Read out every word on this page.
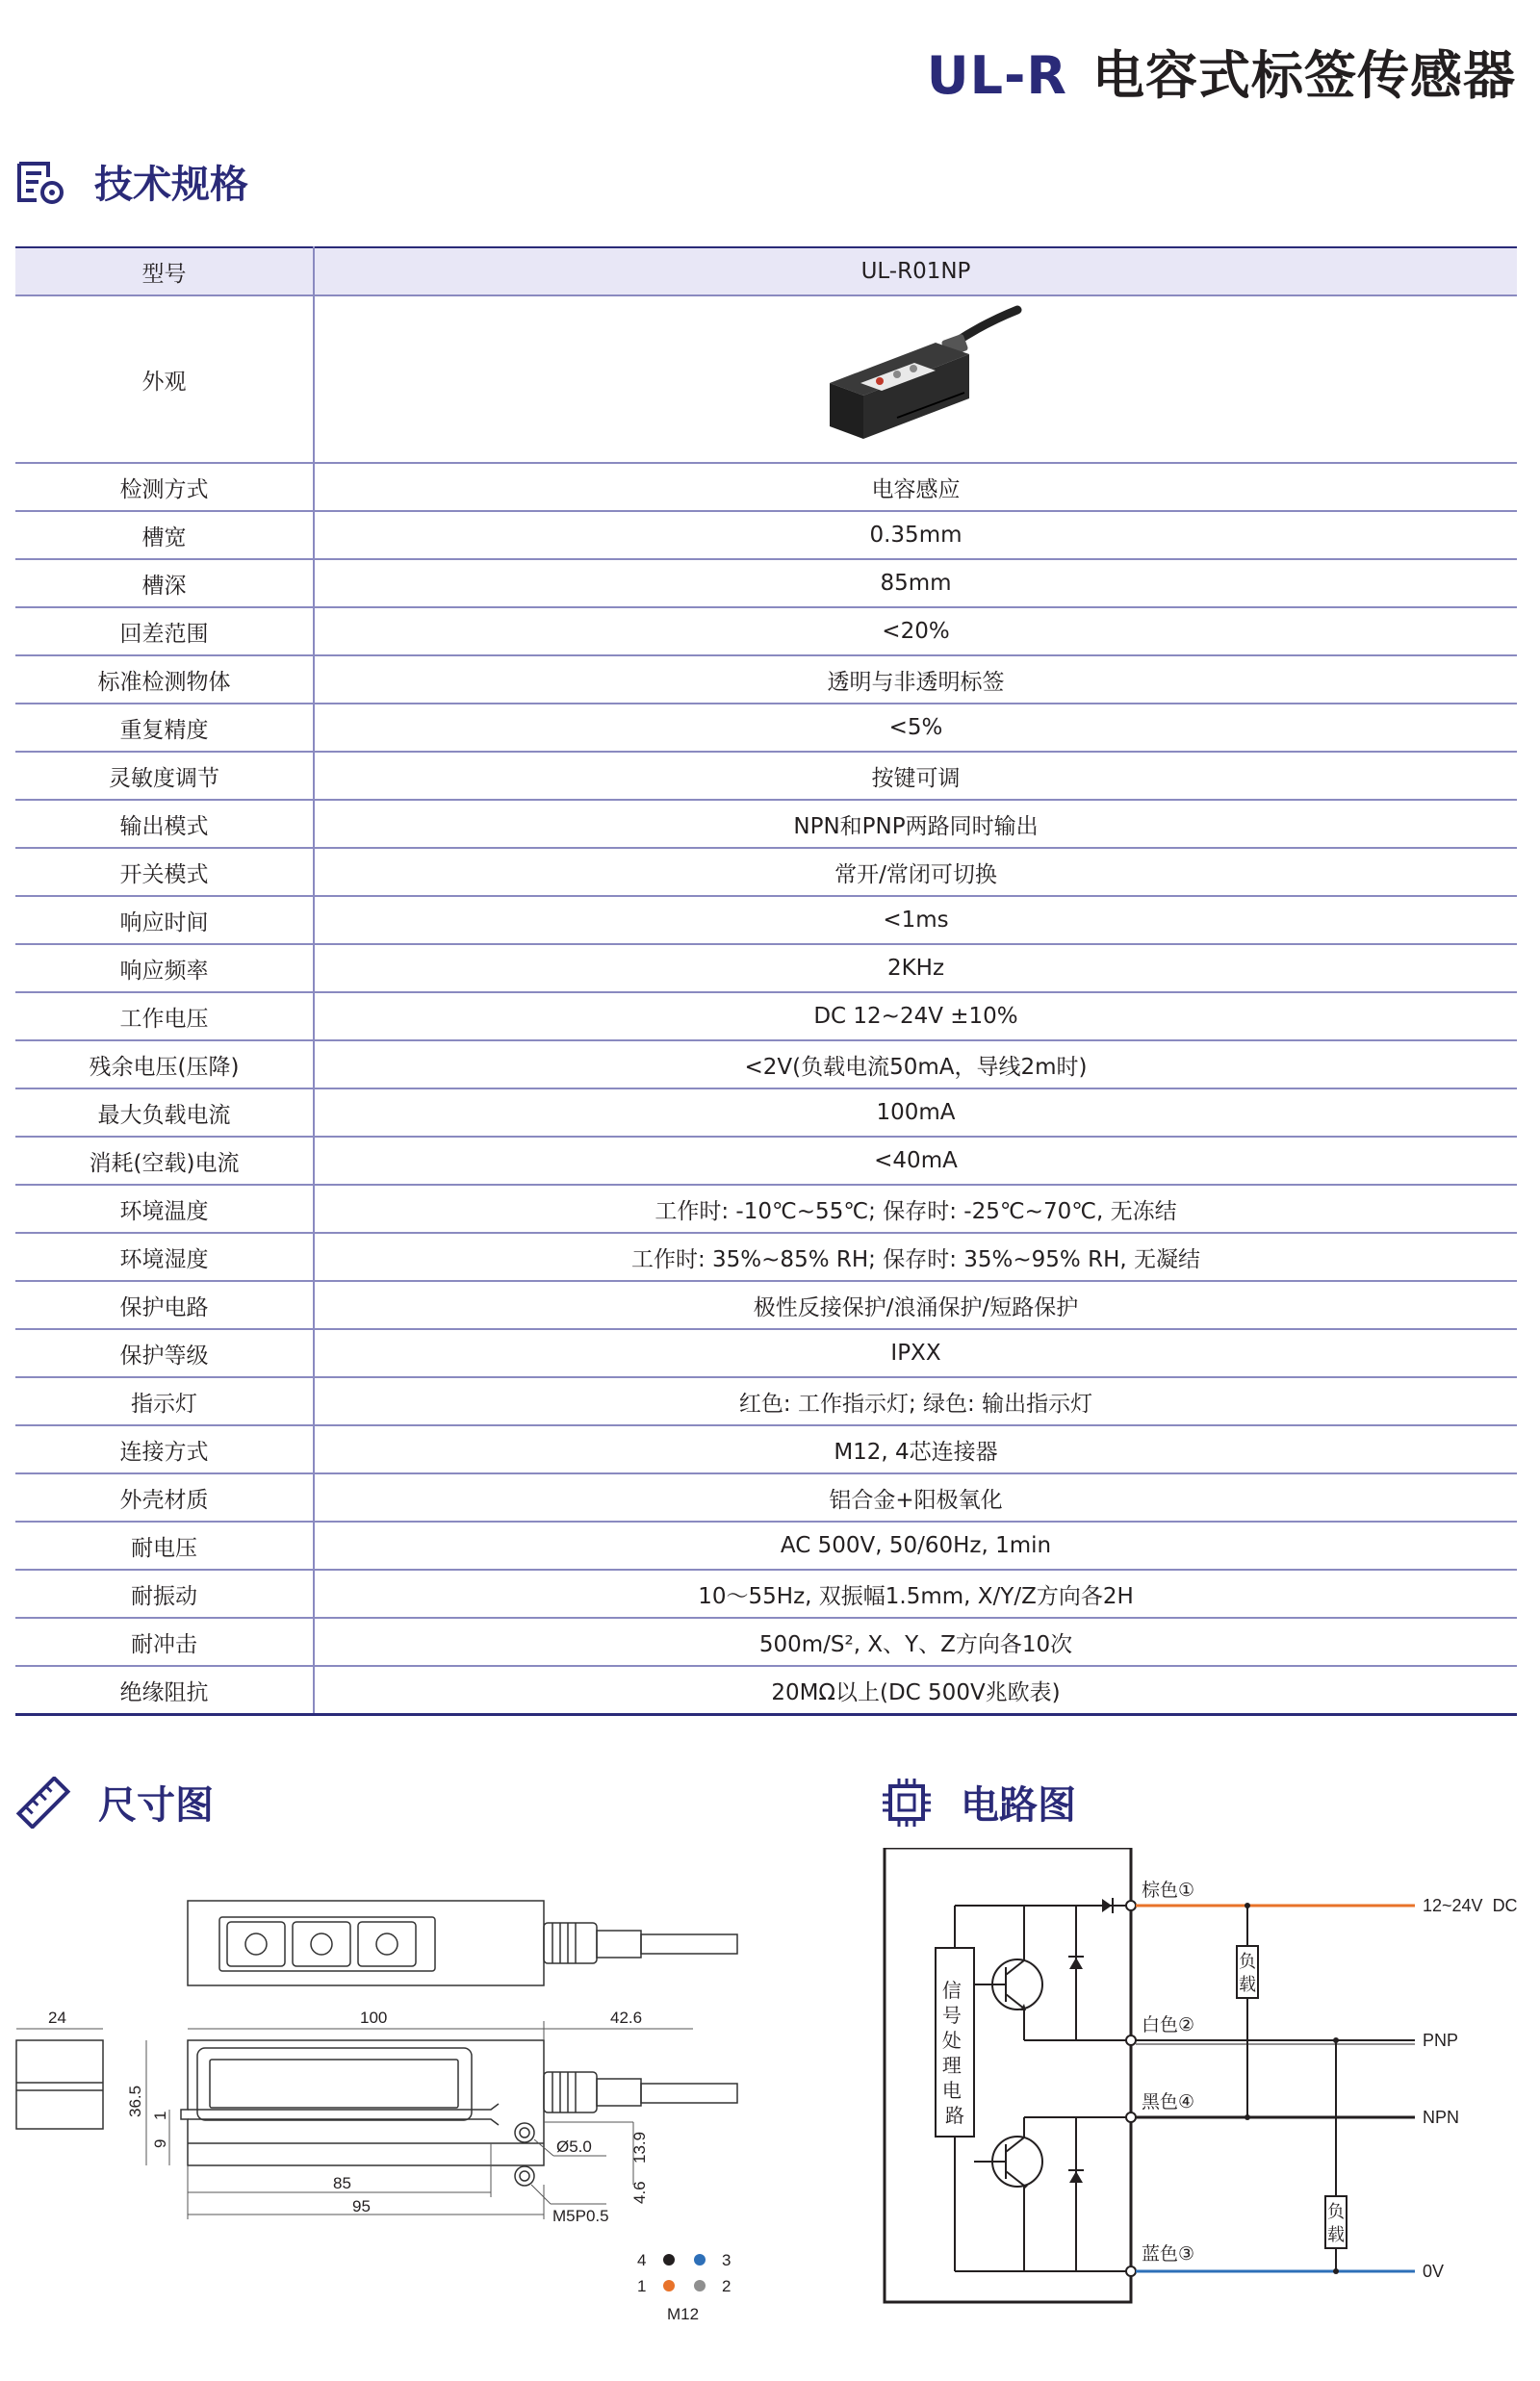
UL-R 电容式标签传感器
技术规格
型号	UL-R01NP
外观	
检测方式	电容感应
槽宽	0.35mm
槽深	85mm
回差范围	<20%
标准检测物体	透明与非透明标签
重复精度	<5%
灵敏度调节	按键可调
输出模式	NPN和PNP两路同时输出
开关模式	常开/常闭可切换
响应时间	<1ms
响应频率	2KHz
工作电压	DC 12~24V ±10%
残余电压(压降)	<2V(负载电流50mA，导线2m时)
最大负载电流	100mA
消耗(空载)电流	<40mA
环境温度	工作时: -10℃~55℃; 保存时: -25℃~70℃, 无冻结
环境湿度	工作时: 35%~85% RH; 保存时: 35%~95% RH, 无凝结
保护电路	极性反接保护/浪涌保护/短路保护
保护等级	IPXX
指示灯	红色: 工作指示灯; 绿色: 输出指示灯
连接方式	M12, 4芯连接器
外壳材质	铝合金+阳极氧化
耐电压	AC 500V, 50/60Hz, 1min
耐振动	10～55Hz, 双振幅1.5mm, X/Y/Z方向各2H
耐冲击	500m/S², X、Y、Z方向各10次
绝缘阻抗	20MΩ以上(DC 500V兆欧表)
尺寸图	电路图
24	100	42.6
36.5 1
9
85
95
Ø5.0
M5P0.5
13.9
4.6
4	3
1	2
M12
负
载
负
载
信 号 处 理 电 路
棕色①
白色②
黑色④
蓝色③
12~24V  DC
PNP
NPN
0V
